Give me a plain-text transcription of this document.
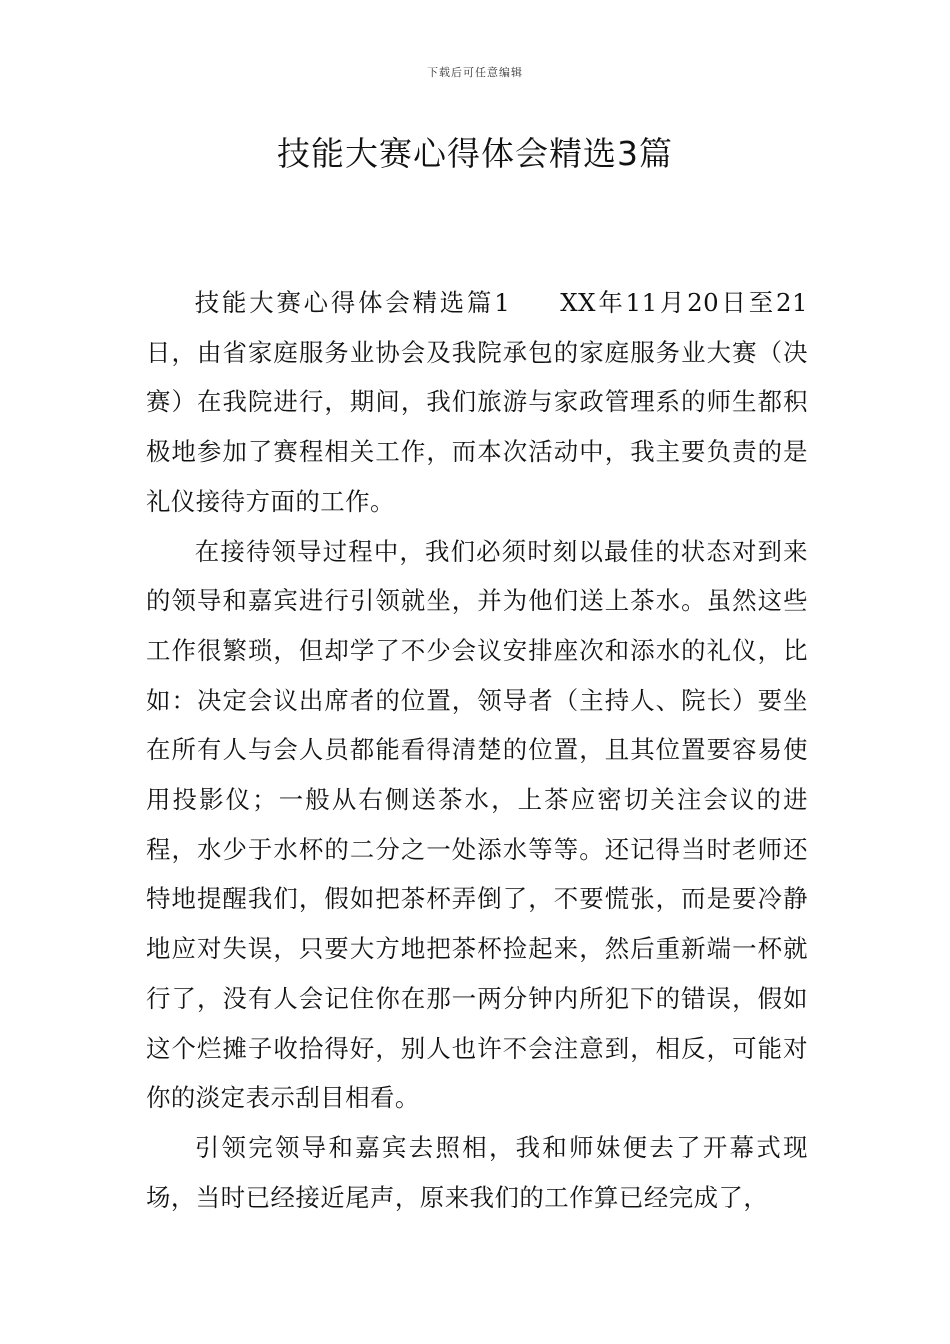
下载后可任意编辑
技能大赛心得体会精选3篇

技能大赛心得体会精选篇1 XX年11月20日至21日，由省家庭服务业协会及我院承包的家庭服务业大赛（决赛）在我院进行，期间，我们旅游与家政管理系的师生都积极地参加了赛程相关工作，而本次活动中，我主要负责的是礼仪接待方面的工作。

在接待领导过程中，我们必须时刻以最佳的状态对到来的领导和嘉宾进行引领就坐，并为他们送上茶水。虽然这些工作很繁琐，但却学了不少会议安排座次和添水的礼仪，比如：决定会议出席者的位置，领导者（主持人、院长）要坐在所有人与会人员都能看得清楚的位置，且其位置要容易使用投影仪；一般从右侧送茶水，上茶应密切关注会议的进程，水少于水杯的二分之一处添水等等。还记得当时老师还特地提醒我们，假如把茶杯弄倒了，不要慌张，而是要冷静地应对失误，只要大方地把茶杯捡起来，然后重新端一杯就行了，没有人会记住你在那一两分钟内所犯下的错误，假如这个烂摊子收拾得好，别人也许不会注意到，相反，可能对你的淡定表示刮目相看。

引领完领导和嘉宾去照相，我和师妹便去了开幕式现场，当时已经接近尾声，原来我们的工作算已经完成了，
